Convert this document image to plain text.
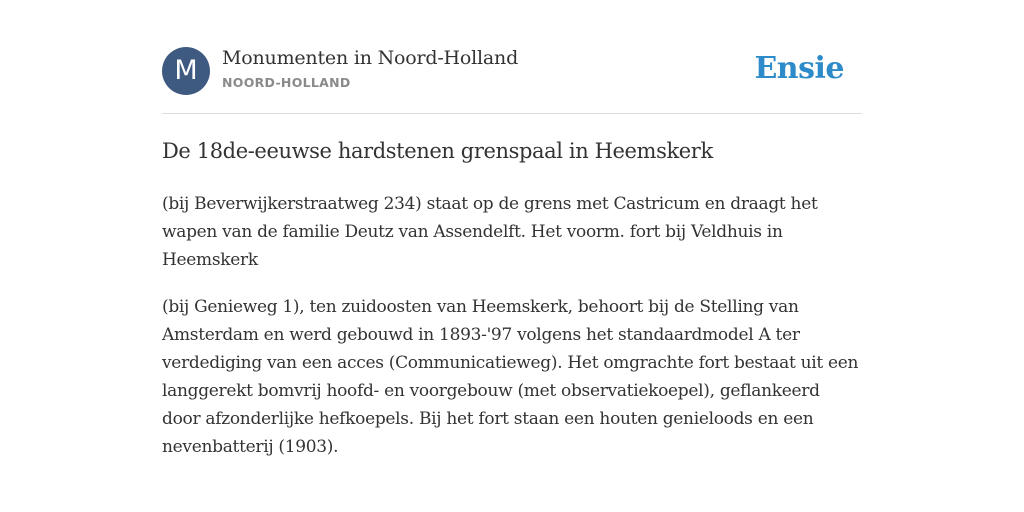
M	Monumenten in Noord-Holland
NOORD-HOLLAND	Ensie
De 18de-eeuwse hardstenen grenspaal in Heemskerk

(bij Beverwijkerstraatweg 234) staat op de grens met Castricum en draagt het wapen van de familie Deutz van Assendelft. Het voorm. fort bij Veldhuis in Heemskerk

(bij Genieweg 1), ten zuidoosten van Heemskerk, behoort bij de Stelling van Amsterdam en werd gebouwd in 1893-'97 volgens het standaardmodel A ter verdediging van een acces (Communicatieweg). Het omgrachte fort bestaat uit een langgerekt bomvrij hoofd- en voorgebouw (met observatiekoepel), geflankeerd door afzonderlijke hefkoepels. Bij het fort staan een houten genieloods en een nevenbatterij (1903).
